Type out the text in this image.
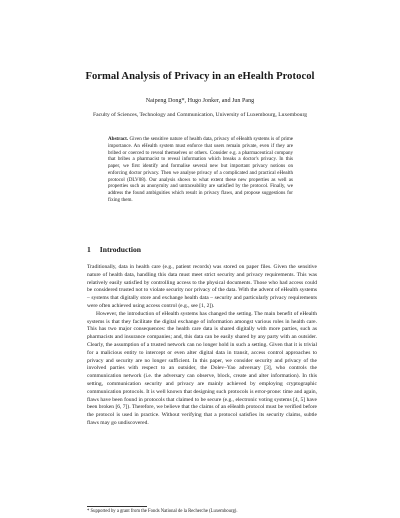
Formal Analysis of Privacy in an eHealth Protocol
Naipeng Dong*, Hugo Jonker, and Jun Pang
Faculty of Sciences, Technology and Communication, University of Luxembourg, Luxembourg
Abstract. Given the sensitive nature of health data, privacy of eHealth systems is of prime importance. An eHealth system must enforce that users remain private, even if they are bribed or coerced to reveal themselves or others. Consider e.g. a pharmaceutical company that bribes a pharmacist to reveal information which breaks a doctor's privacy. In this paper, we first identify and formalise several new but important privacy notions on enforcing doctor privacy. Then we analyse privacy of a complicated and practical eHealth protocol (DLV08). Our analysis shows to what extent these new properties as well as properties such as anonymity and untraceability are satisfied by the protocol. Finally, we address the found ambiguities which result in privacy flaws, and propose suggestions for fixing them.
1 Introduction

Traditionally, data in health care (e.g., patient records) was stored on paper files. Given the sensitive nature of health data, handling this data must meet strict security and privacy requirements. This was relatively easily satisfied by controlling access to the physical documents. Those who had access could be considered trusted not to violate security nor privacy of the data. With the advent of eHealth systems – systems that digitally store and exchange health data – security and particularly privacy requirements were often achieved using access control (e.g., see [1, 2]).

However, the introduction of eHealth systems has changed the setting. The main benefit of eHealth systems is that they facilitate the digital exchange of information amongst various roles in health care. This has two major consequences: the health care data is shared digitally with more parties, such as pharmacists and insurance companies; and, this data can be easily shared by any party with an outsider. Clearly, the assumption of a trusted network can no longer hold in such a setting. Given that it is trivial for a malicious entity to intercept or even alter digital data in transit, access control approaches to privacy and security are no longer sufficient. In this paper, we consider security and privacy of the involved parties with respect to an outsider, the Dolev–Yao adversary [3], who controls the communication network (i.e. the adversary can observe, block, create and alter information). In this setting, communication security and privacy are mainly achieved by employing cryptographic communication protocols. It is well known that designing such protocols is error-prone: time and again, flaws have been found in protocols that claimed to be secure (e.g., electronic voting systems [4, 5] have been broken [6, 7]). Therefore, we believe that the claims of an eHealth protocol must be verified before the protocol is used in practice. Without verifying that a protocol satisfies its security claims, subtle flaws may go undiscovered.

* Supported by a grant from the Fonds National de la Recherche (Luxembourg).
